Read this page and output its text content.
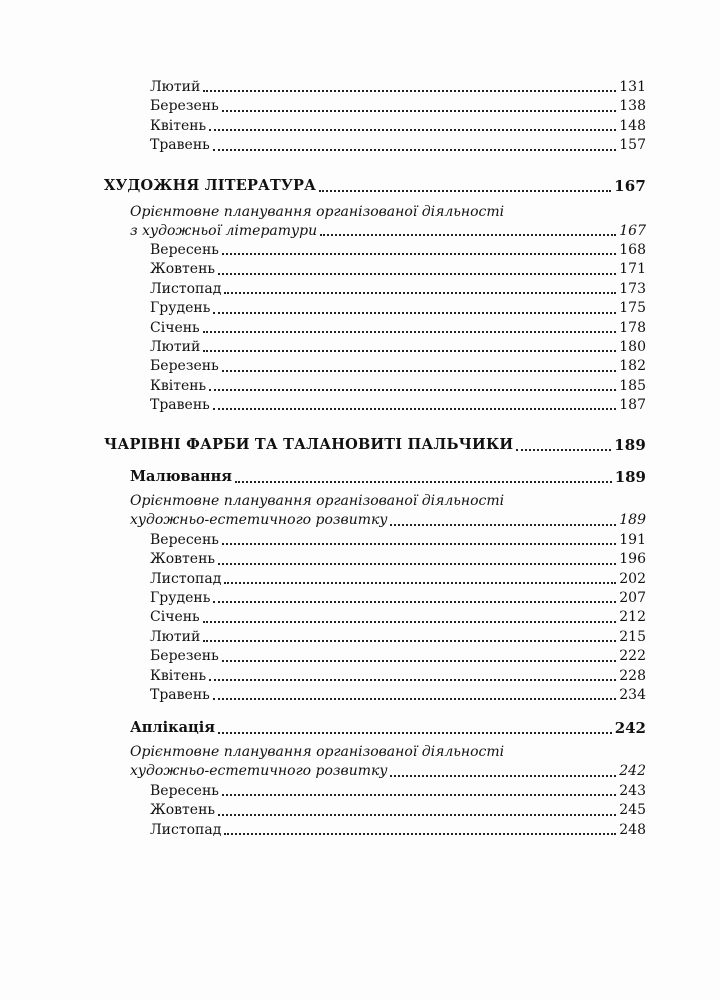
Лютий	131
Березень	138
Квітень	148
Травень	157
ХУДОЖНЯ ЛІТЕРАТУРА	167
Орієнтовне планування організованої діяльності
з художньої літератури	167
Вересень	168
Жовтень	171
Листопад	173
Грудень	175
Січень	178
Лютий	180
Березень	182
Квітень	185
Травень	187
ЧАРІВНІ ФАРБИ ТА ТАЛАНОВИТІ ПАЛЬЧИКИ	189
Малювання	189
Орієнтовне планування організованої діяльності
художньо-естетичного розвитку	189
Вересень	191
Жовтень	196
Листопад	202
Грудень	207
Січень	212
Лютий	215
Березень	222
Квітень	228
Травень	234
Аплікація	242
Орієнтовне планування організованої діяльності
художньо-естетичного розвитку	242
Вересень	243
Жовтень	245
Листопад	248
